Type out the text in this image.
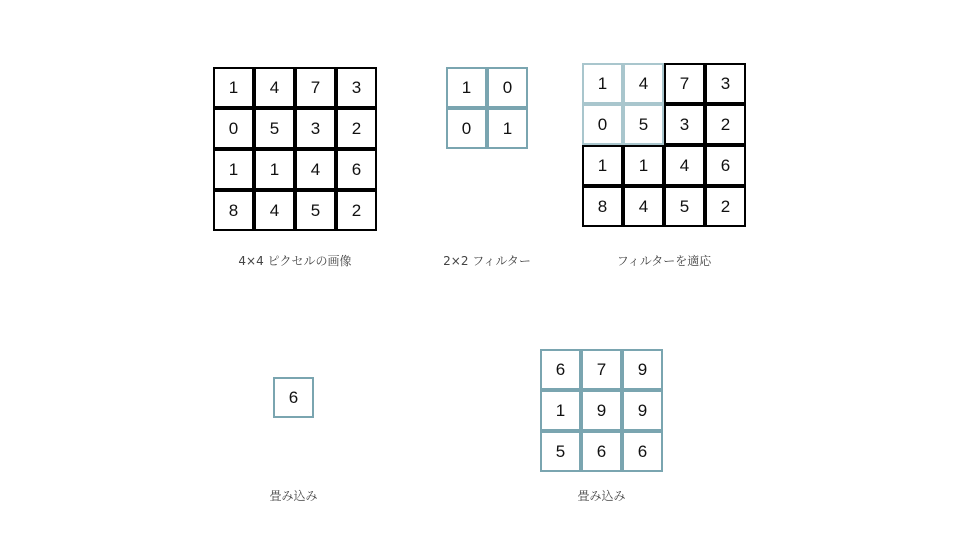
1	4	7	3
0	5	3	2
1	1	4	6
8	4	5	2
4×4 ピクセルの画像
1	0
0	1
2×2 フィルター
1	4	7	3
0	5	3	2
1	1	4	6
8	4	5	2
フィルターを適応
6
畳み込み
6	7	9
1	9	9
5	6	6
畳み込み
